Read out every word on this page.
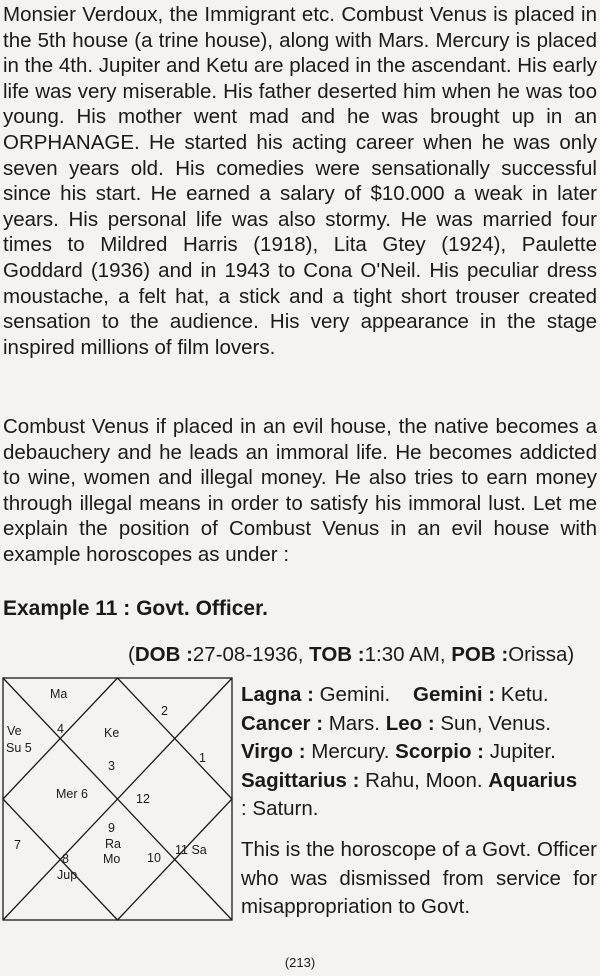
Monsier Verdoux, the Immigrant etc. Combust Venus is placed in the 5th house (a trine house), along with Mars. Mercury is placed in the 4th. Jupiter and Ketu are placed in the ascendant. His early life was very miserable. His father deserted him when he was too young. His mother went mad and he was brought up in an ORPHANAGE. He started his acting career when he was only seven years old. His comedies were sensationally successful since his start. He earned a salary of $10.000 a weak in later years. His personal life was also stormy. He was married four times to Mildred Harris (1918), Lita Gtey (1924), Paulette Goddard (1936) and in 1943 to Cona O'Neil. His peculiar dress moustache, a felt hat, a stick and a tight short trouser created sensation to the audience. His very appearance in the stage inspired millions of film lovers.

Combust Venus if placed in an evil house, the native becomes a debauchery and he leads an immoral life. He becomes addicted to wine, women and illegal money. He also tries to earn money through illegal means in order to satisfy his immoral lust. Let me explain the position of Combust Venus in an evil house with example horoscopes as under :

Example 11 : Govt. Officer.

(DOB :27-08-1936, TOB :1:30 AM, POB :Orissa)

Ma
4
2
Ve
Su 5
Ke
3
1
Mer 6	12
9
Ra
Mo
7
8
Jup
10
11 Sa
Lagna : Gemini. Gemini : Ketu.
Cancer : Mars. Leo : Sun, Venus.
Virgo : Mercury. Scorpio : Jupiter.
Sagittarius : Rahu, Moon. Aquarius
: Saturn.

This is the horoscope of a Govt. Officer who was dismissed from service for misappropriation to Govt.

(213)
